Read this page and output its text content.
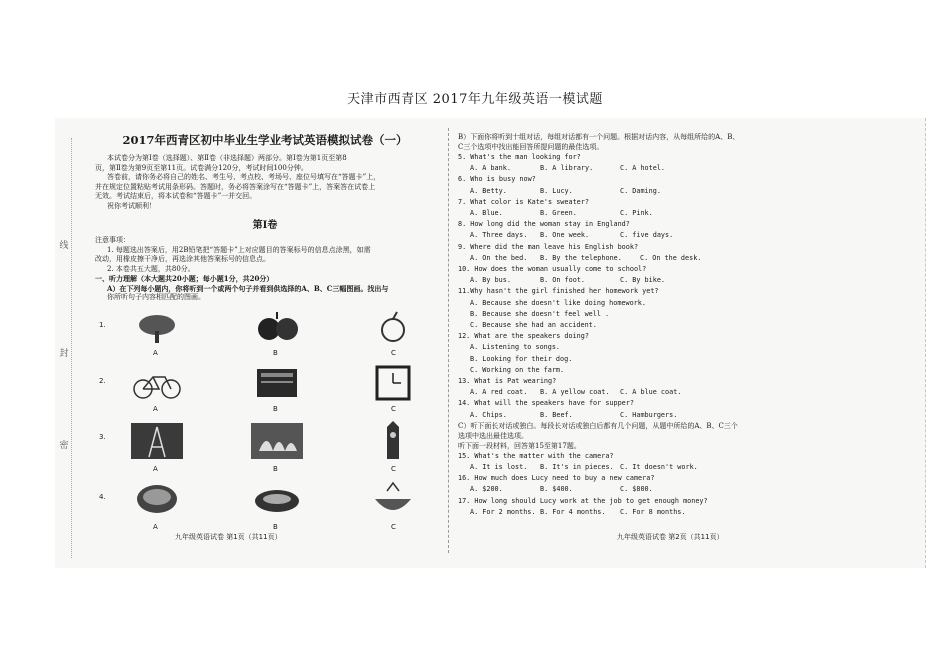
天津市西青区 2017年九年级英语一模试题
线
封
密

2017年西青区初中毕业生学业考试英语模拟试卷（一）

本试卷分为第Ⅰ卷（选择题）、第Ⅱ卷（非选择题）两部分。第Ⅰ卷为第1页至第8

页，第Ⅱ卷为第9页至第11页。试卷满分120分，考试时间100分钟。

答卷前，请你务必将自己的姓名、考生号、考点校、考场号、座位号填写在“答题卡”上，

并在规定位置粘贴考试用条形码。答题时，务必将答案涂写在“答题卡”上，答案答在试卷上

无效。考试结束后，将本试卷和“答题卡”一并交回。

祝你考试顺利！

第Ⅰ卷

注意事项：

1. 每题选出答案后，用2B铅笔把“答题卡”上对应题目的答案标号的信息点涂黑，如需

改动，用橡皮擦干净后，再选涂其他答案标号的信息点。

2. 本卷共五大题，共80分。

一、听力理解（本大题共20小题；每小题1分，共20分）

A）在下列每小题内，你将听到一个或两个句子并看到供选择的A、B、C三幅图画。找出与

你所听句子内容相匹配的图画。

1.
A	B	C
2.
A	B	C
3.
A	B	C
4.
A	B	C
九年级英语试卷 第1页（共11页）

B）下面你将听到十组对话，每组对话都有一个问题。根据对话内容，从每组所给的A、B、

C三个选项中找出能回答所提问题的最佳选项。

5. What's the man looking for?

A. A bank.	B. A library.	C. A hotel.

6. Who is busy now?

A. Betty.	B. Lucy.	C. Daming.

7. What color is Kate's sweater?

A. Blue.	B. Green.	C. Pink.

8. How long did the woman stay in England?

A. Three days.	B. One week.	C. five days.

9. Where did the man leave his English book?

A. On the bed.	B. By the telephone.	C. On the desk.

10. How does the woman usually come to school?

A. By bus.	B. On foot.	C. By bike.

11.Why hasn't the girl finished her homework yet?

A. Because she doesn't like doing homework.

B. Because she doesn't feel well .

C. Because she had an accident.

12. What are the speakers doing?

A. Listening to songs.

B. Looking for their dog.

C. Working on the farm.

13. What is Pat wearing?

A. A red coat.	B. A yellow coat.	C. A blue coat.

14. What will the speakers have for supper?

A. Chips.	B. Beef.	C. Hamburgers.

C）听下面长对话或独白。每段长对话或独白后都有几个问题，从题中所给的A、B、C三个

选项中选出最佳选项。

听下面一段材料，回答第15至第17题。

15. What's the matter with the camera?

A. It is lost.	B. It's in pieces. C. It doesn't work.

16. How much does Lucy need to buy a new camera?

A. $200.	B. $400.	C. $800.

17. How long should Lucy work at the job to get enough money?

A. For 2 months. B. For 4 months.	C. For 8 months.
九年级英语试卷 第2页（共11页）
